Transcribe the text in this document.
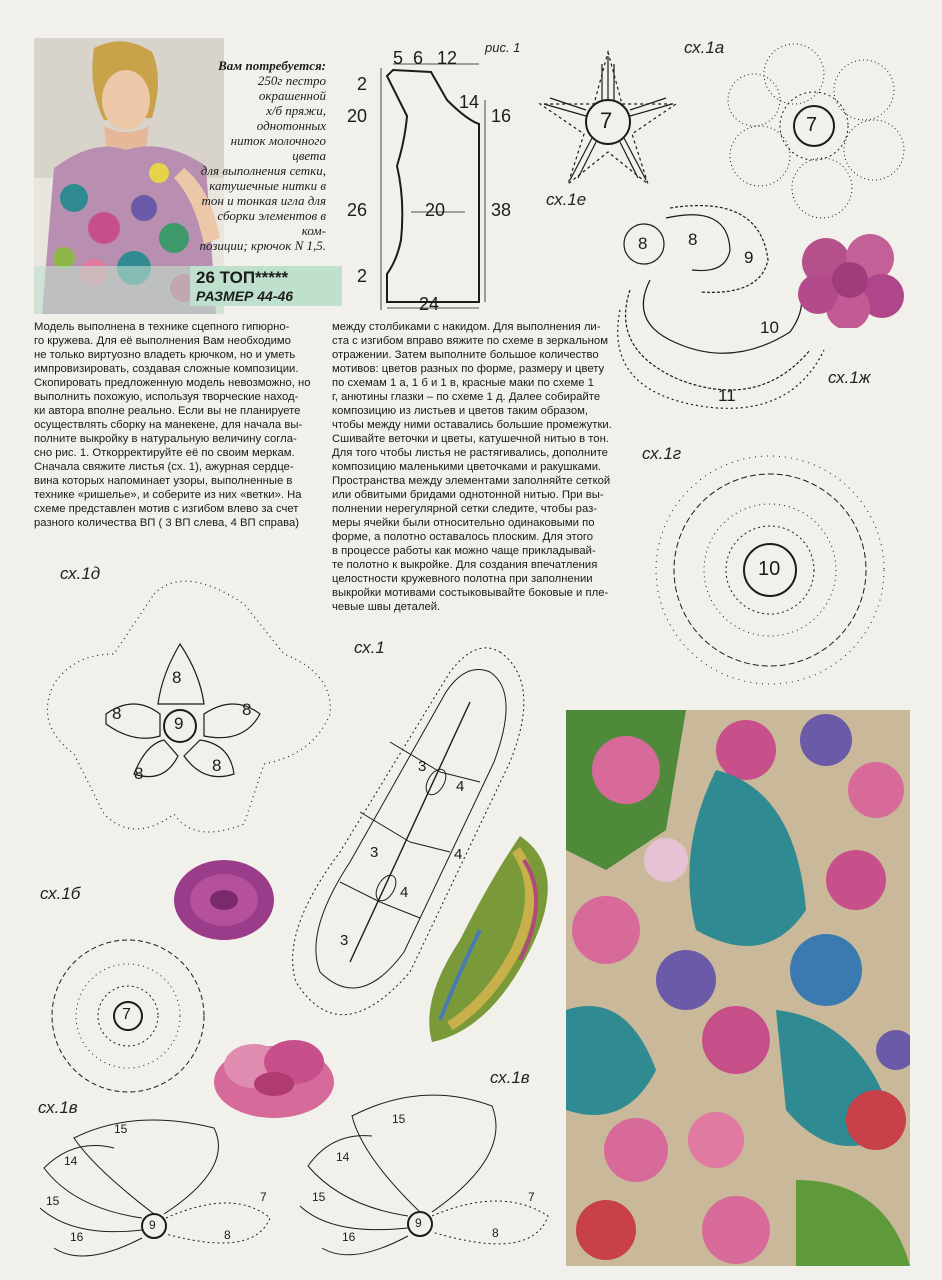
Вам потребуется:
250г пестро окрашенной
х/б пряжи, однотонных
ниток молочного цвета
для выполнения сетки,
катушечные нитки в
тон и тонкая игла для
сборки элементов в ком-
позиции; крючок N 1,5.
26 ТОП*****
РАЗМЕР 44-46
рис. 1
5 6 12
2
20
14
16
26	20	38
2
24
Модель выполнена в технике сцепного гипюрно-
го кружева. Для её выполнения Вам необходимо
не только виртуозно владеть крючком, но и уметь
импровизировать, создавая сложные композиции.
Скопировать предложенную модель невозможно, но
выполнить похожую, используя творческие наход-
ки автора вполне реально. Если вы не планируете
осуществлять сборку на манекене, для начала вы-
полните выкройку в натуральную величину согла-
сно рис. 1. Откорректируйте её по своим меркам.
Сначала свяжите листья (сх. 1), ажурная сердце-
вина которых напоминает узоры, выполненные в
технике «ришелье», и соберите из них «ветки». На
схеме представлен мотив с изгибом влево за счет
разного количества ВП ( 3 ВП слева, 4 ВП справа)
между столбиками с накидом. Для выполнения ли-
ста с изгибом вправо вяжите по схеме в зеркальном
отражении. Затем выполните большое количество
мотивов: цветов разных по форме, размеру и цвету
по схемам 1 а, 1 б и 1 в, красные маки по схеме 1
г, анютины глазки – по схеме 1 д. Далее собирайте
композицию из листьев и цветов таким образом,
чтобы между ними оставались большие промежутки.
Сшивайте веточки и цветы, катушечной нитью в тон.
Для того чтобы листья не растягивались, дополните
композицию маленькими цветочками и ракушками.
Пространства между элементами заполняйте сеткой
или обвитыми бридами однотонной нитью. При вы-
полнении нерегулярной сетки следите, чтобы раз-
меры ячейки были относительно одинаковыми по
форме, а полотно оставалось плоским. Для этого
в процессе работы как можно чаще прикладывай-
те полотно к выкройке. Для создания впечатления
целостности кружевного полотна при заполнении
выкройки мотивами состыковывайте боковые и пле-
чевые швы деталей.
7
сх.1е
сх.1а
7
8 8
9
10
11
сх.1ж
сх.1г
10
сх.1д
8
8	8
8	8
9
сх.1
3
4
3
4
3
4
сх.1б
7
сх.1в
15
14
15
16
7
8
9
сх.1в
15
14
15
16
7
8
9
